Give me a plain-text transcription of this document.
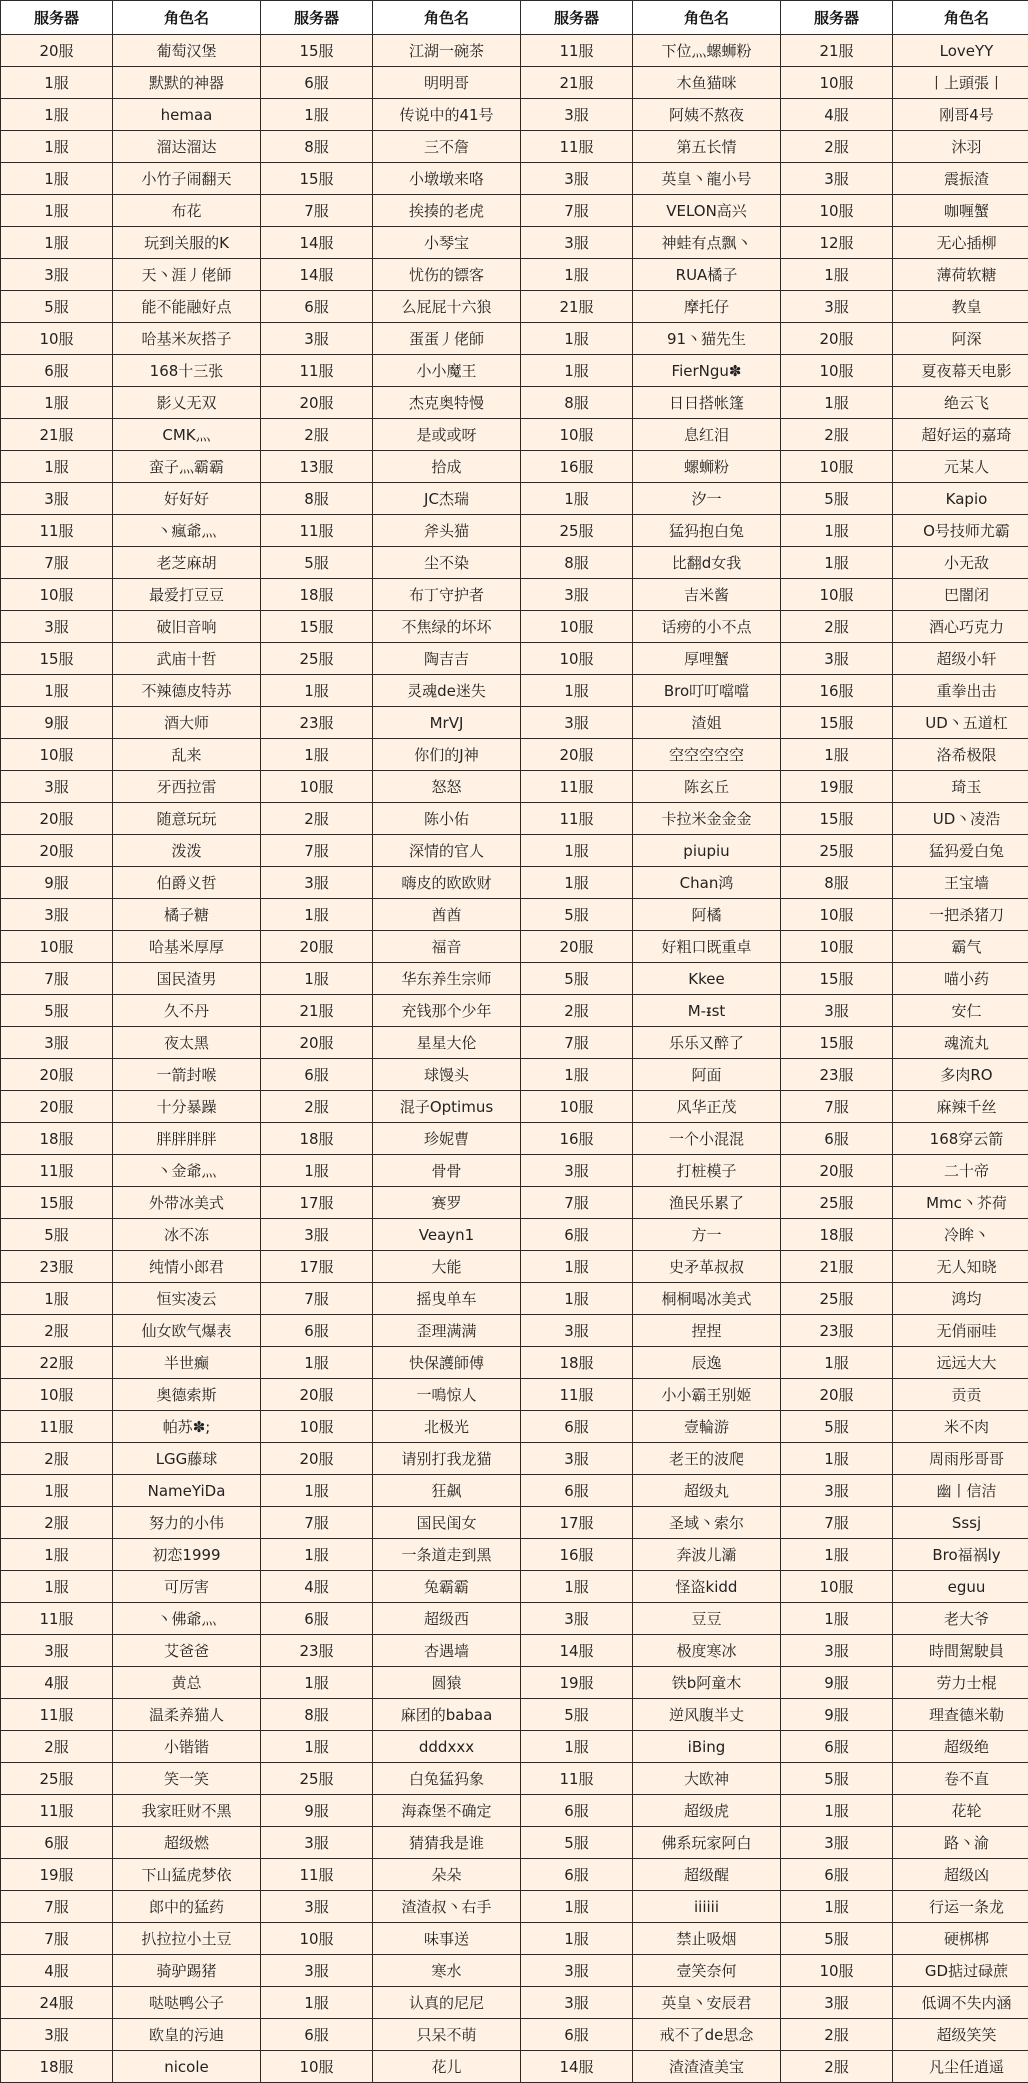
服务器	角色名	服务器	角色名	服务器	角色名	服务器	角色名
20服	葡萄汉堡	15服	江湖一碗茶	11服	下位灬螺蛳粉	21服	LoveYY
1服	默默的神器	6服	明明哥	21服	木鱼猫咪	10服	丨上頭張丨
1服	hemaa	1服	传说中的41号	3服	阿姨不熬夜	4服	刚哥4号
1服	溜达溜达	8服	三不詹	11服	第五长情	2服	沐羽
1服	小竹子闹翻天	15服	小墩墩来咯	3服	英皇丶龍小号	3服	震振渣
1服	布花	7服	挨揍的老虎	7服	VELON高兴	10服	咖喱蟹
1服	玩到关服的K	14服	小琴宝	3服	神蛙有点飘丶	12服	无心插柳
3服	天丶涯丿佬師	14服	忧伤的镖客	1服	RUA橘子	1服	薄荷软糖
5服	能不能融好点	6服	么屁屁十六狼	21服	摩托仔	3服	教皇
10服	哈基米灰搭子	3服	蛋蛋丿佬師	1服	91丶猫先生	20服	阿深
6服	168十三张	11服	小小魔王	1服	FierNgu✽	10服	夏夜幕天电影
1服	影乂无双	20服	杰克奥特慢	8服	日日搭帐篷	1服	绝云飞
21服	CMK灬	2服	是或或呀	10服	息红泪	2服	超好运的嘉琦
1服	蛮子灬霸霸	13服	拾成	16服	螺蛳粉	10服	元某人
3服	好好好	8服	JC杰瑞	1服	汐一	5服	Kapio
11服	丶瘋爺灬	11服	斧头猫	25服	猛犸抱白兔	1服	O号技师尤霸
7服	老芝麻胡	5服	尘不染	8服	比翻d女我	1服	小无敌
10服	最爱打豆豆	18服	布丁守护者	3服	吉米酱	10服	巴闇闭
3服	破旧音响	15服	不焦绿的坏坏	10服	话痨的小不点	2服	酒心巧克力
15服	武庙十哲	25服	陶吉吉	10服	厚哩蟹	3服	超级小轩
1服	不辣德皮特苏	1服	灵魂de迷失	1服	Bro叮叮噹噹	16服	重拳出击
9服	酒大师	23服	MrVJ	3服	渣姐	15服	UD丶五道杠
10服	乱来	1服	你们的J神	20服	空空空空空	1服	洛希极限
3服	牙西拉雷	10服	怒怒	11服	陈玄丘	19服	琦玉
20服	随意玩玩	2服	陈小佑	11服	卡拉米金金金	15服	UD丶凌浩
20服	泼泼	7服	深情的官人	1服	piupiu	25服	猛犸爱白兔
9服	伯爵义哲	3服	嗨皮的欧欧财	1服	Chan鸿	8服	王宝墙
3服	橘子糖	1服	酋酋	5服	阿橘	10服	一把杀猪刀
10服	哈基米厚厚	20服	福音	20服	好粗口既重卓	10服	霸气
7服	国民渣男	1服	华东养生宗师	5服	Kkee	15服	喵小药
5服	久不丹	21服	充钱那个少年	2服	M-ᵻst	3服	安仁
3服	夜太黑	20服	星星大伦	7服	乐乐又醉了	15服	魂流丸
20服	一箭封喉	6服	球馒头	1服	阿面	23服	多肉RO
20服	十分暴躁	2服	混子Optimus	10服	风华正茂	7服	麻辣千丝
18服	胖胖胖胖	18服	珍妮曹	16服	一个小混混	6服	168穿云箭
11服	丶金爺灬	1服	骨骨	3服	打桩模子	20服	二十帝
15服	外带冰美式	17服	赛罗	7服	渔民乐累了	25服	Mmc丶芥荷
5服	冰不冻	3服	Veayn1	6服	方一	18服	冷眸丶
23服	纯情小郎君	17服	大能	1服	史矛革叔叔	21服	无人知晓
1服	恒实凌云	7服	摇曳单车	1服	桐桐喝冰美式	25服	鸿均
2服	仙女欧气爆表	6服	歪理满满	3服	捏捏	23服	无俏丽哇
22服	半世癫	1服	快保護師傅	18服	辰逸	1服	远远大大
10服	奥德索斯	20服	一鳴惊人	11服	小小霸王别姬	20服	贡贡
11服	帕苏✽;	10服	北极光	6服	壹輪游	5服	米不肉
2服	LGG藤球	20服	请别打我龙猫	3服	老王的波爬	1服	周雨彤哥哥
1服	NameYiDa	1服	狂飙	6服	超级丸	3服	幽丨信洁
2服	努力的小伟	7服	国民闺女	17服	圣域丶索尔	7服	Sssj
1服	初恋1999	1服	一条道走到黑	16服	奔波儿灞	1服	Bro福祸ly
1服	可厉害	4服	兔霸霸	1服	怪盗kidd	10服	eguu
11服	丶佛爺灬	6服	超级西	3服	豆豆	1服	老大爷
3服	艾爸爸	23服	杏遇墙	14服	极度寒冰	3服	時間駕駛員
4服	黄总	1服	圆猿	19服	铁b阿童木	9服	劳力士棍
11服	温柔养猫人	8服	麻团的babaa	5服	逆风腹半丈	9服	理查德米勒
2服	小锴锴	1服	dddxxx	1服	iBing	6服	超级绝
25服	笑一笑	25服	白兔猛犸象	11服	大欧神	5服	卷不直
11服	我家旺财不黑	9服	海森堡不确定	6服	超级虎	1服	花轮
6服	超级燃	3服	猜猜我是谁	5服	佛系玩家阿白	3服	路丶渝
19服	下山猛虎梦依	11服	朵朵	6服	超级醒	6服	超级凶
7服	郎中的猛药	3服	渣渣叔丶右手	1服	iiiiii	1服	行运一条龙
7服	扒拉拉小土豆	10服	味事送	1服	禁止吸烟	5服	硬梆梆
4服	骑驴踢猪	3服	寒水	3服	壹笑奈何	10服	GD掂过碌蔗
24服	哒哒鸭公子	1服	认真的尼尼	3服	英皇丶安辰君	3服	低调不失内涵
3服	欧皇的污迪	6服	只呆不萌	6服	戒不了de思念	2服	超级笑笑
18服	nicole	10服	花儿	14服	渣渣渣美宝	2服	凡尘任逍遥
